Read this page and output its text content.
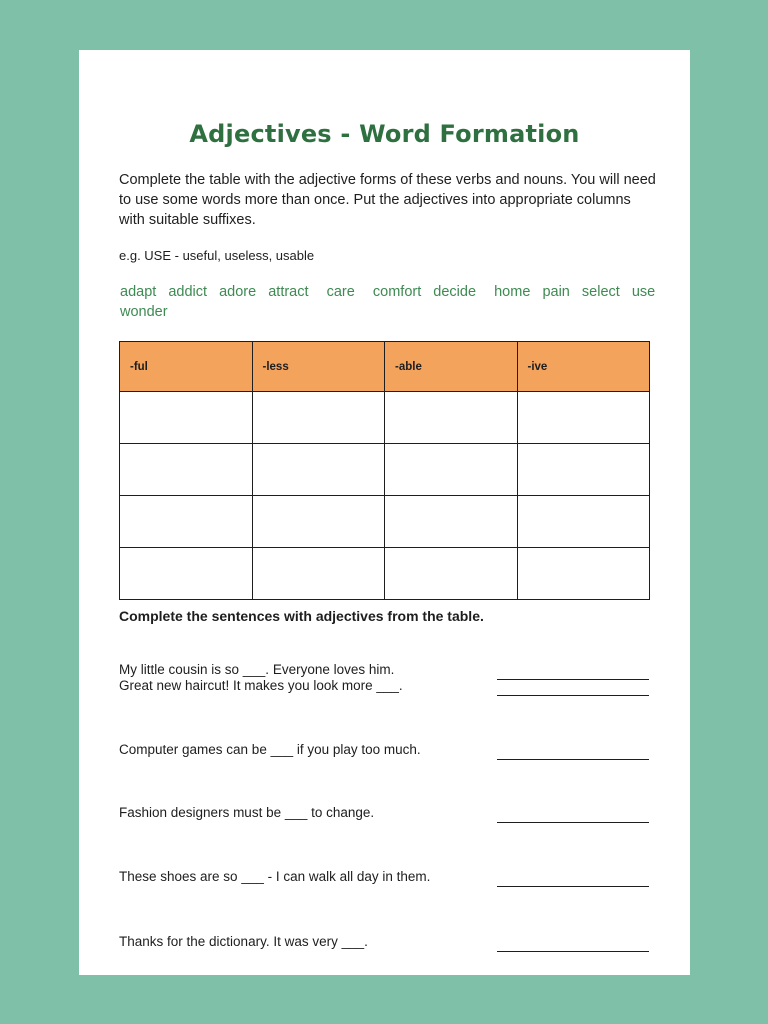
Adjectives - Word Formation

Complete the table with the adjective forms of these verbs and nouns. You will need to use some words more than once. Put the adjectives into appropriate columns with suitable suffixes.

e.g. USE - useful, useless, usable

adapt  addict  adore  attract   care   comfort  decide   home  pain  select  use  wonder

-ful	-less	-able	-ive

Complete the sentences with adjectives from the table.

My little cousin is so ___. Everyone loves him.
Great new haircut! It makes you look more ___.
Computer games can be ___ if you play too much.
Fashion designers must be ___ to change.
These shoes are so ___ - I can walk all day in them.
Thanks for the dictionary. It was very ___.
